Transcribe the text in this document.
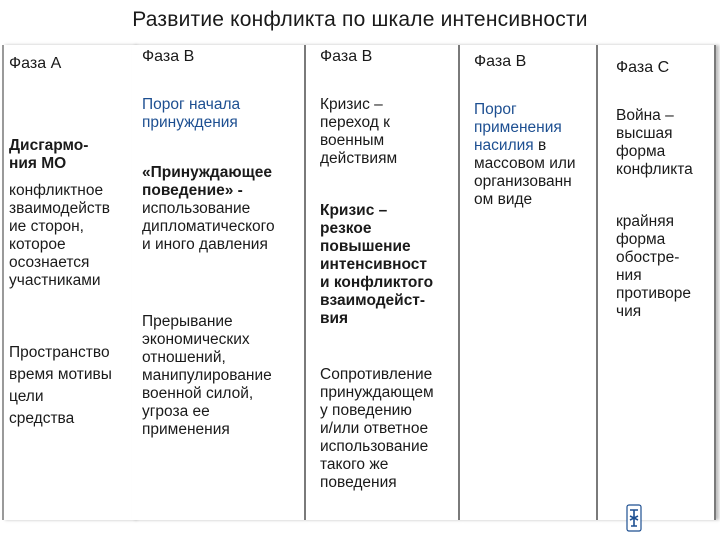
Развитие конфликта по шкале интенсивности
Фаза А
Дисгармо-
ния МО
конфликтное
звaимодейств
ие сторон,
которое
осознается
участниками
Пространство
время мотивы
цели
средства
Фаза В
Порог начала
принуждения
«Принуждающее
поведение» -
использование
дипломатического
и иного давления
Прерывание
экономических
отношений,
манипулирование
военной силой,
угроза ее
применения
Фаза В
Кризис –
переход к
военным
действиям
Кризис –
резкое
повышение
интенсивност
и конфликтого
взаимодейст-
вия
Сопротивление
принуждающем
у поведению
и/или ответное
использование
такого же
поведения
Фаза В
Порог
применения
насилия в
массовом или
организованн
ом виде
Фаза С
Война –
высшая
форма
конфликта
крайняя
форма
обостре-
ния
противоре
чия
